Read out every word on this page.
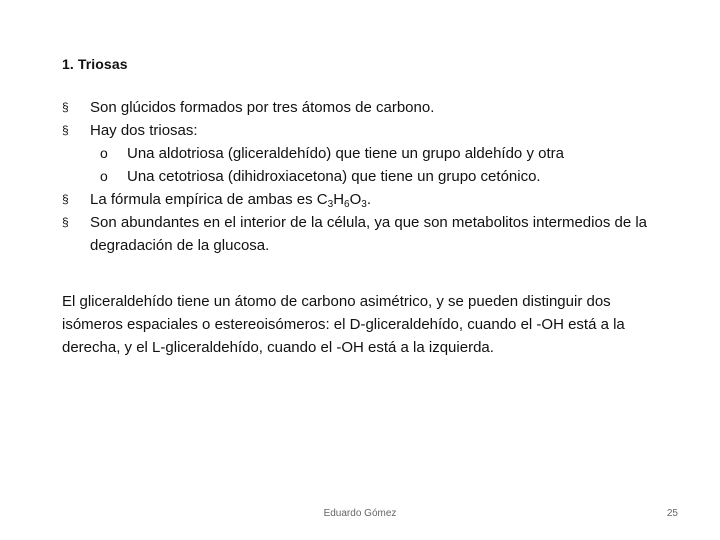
1. Triosas
§ Son glúcidos formados por tres átomos de carbono.
§ Hay dos triosas:
o Una aldotriosa (gliceraldehído) que tiene un grupo aldehído y otra
o Una cetotriosa (dihidroxiacetona) que tiene un grupo cetónico.
§ La fórmula empírica de ambas es $C_3H_6O_3$.
§ Son abundantes en el interior de la célula, ya que son metabolitos intermedios de la degradación de la glucosa.
El gliceraldehído tiene un átomo de carbono asimétrico, y se pueden distinguir dos isómeros espaciales o estereoisómeros: el D-gliceraldehído, cuando el -OH está a la derecha, y el L-gliceraldehído, cuando el -OH está a la izquierda.
Eduardo Gómez	25
